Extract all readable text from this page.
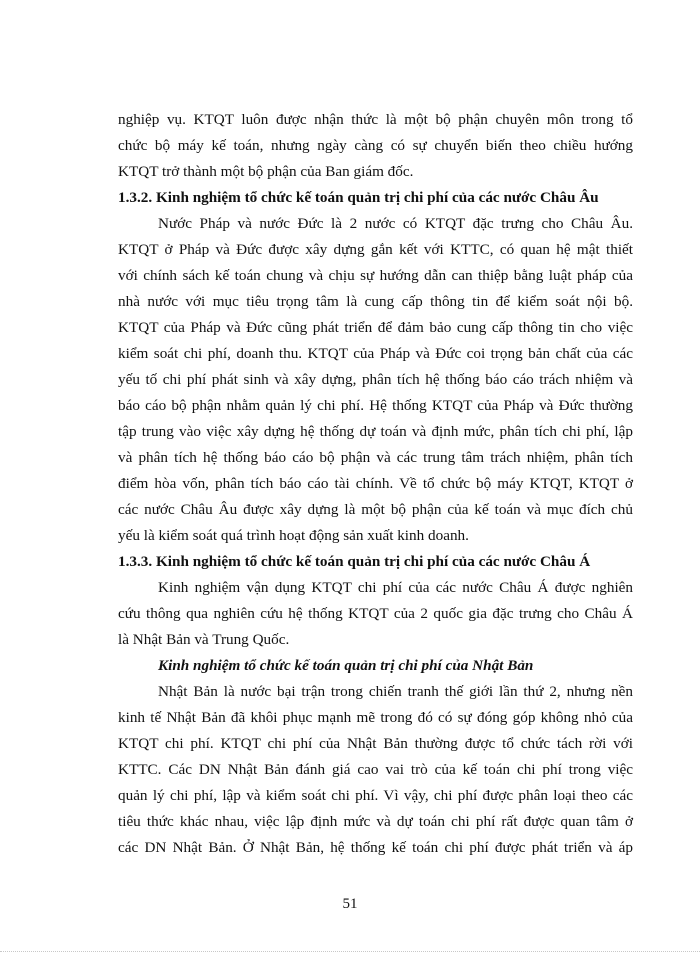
nghiệp vụ. KTQT luôn được nhận thức là một bộ phận chuyên môn trong tổ
chức bộ máy kế toán, nhưng ngày càng có sự chuyển biến theo chiều hướng
KTQT trở thành một bộ phận của Ban giám đốc.
1.3.2. Kinh nghiệm tổ chức kế toán quản trị chi phí của các nước Châu Âu
Nước Pháp và nước Đức là 2 nước có KTQT đặc trưng cho Châu Âu.
KTQT ở Pháp và Đức được xây dựng gắn kết với KTTC, có quan hệ mật thiết
với chính sách kế toán chung và chịu sự hướng dẫn can thiệp bằng luật pháp của
nhà nước với mục tiêu trọng tâm là cung cấp thông tin để kiểm soát nội bộ.
KTQT của Pháp và Đức cũng phát triển để đảm bảo cung cấp thông tin cho việc
kiểm soát chi phí, doanh thu. KTQT của Pháp và Đức coi trọng bản chất của các
yếu tố chi phí phát sinh và xây dựng, phân tích hệ thống báo cáo trách nhiệm và
báo cáo bộ phận nhằm quản lý chi phí. Hệ thống KTQT của Pháp và Đức thường
tập trung vào việc xây dựng hệ thống dự toán và định mức, phân tích chi phí, lập
và phân tích hệ thống báo cáo bộ phận và các trung tâm trách nhiệm, phân tích
điểm hòa vốn, phân tích báo cáo tài chính. Về tổ chức bộ máy KTQT, KTQT ở
các nước Châu Âu được xây dựng là một bộ phận của kế toán và mục đích chủ
yếu là kiểm soát quá trình hoạt động sản xuất kinh doanh.
1.3.3. Kinh nghiệm tổ chức kế toán quản trị chi phí của các nước Châu Á
Kinh nghiệm vận dụng KTQT chi phí của các nước Châu Á được nghiên
cứu thông qua nghiên cứu hệ thống KTQT của 2 quốc gia đặc trưng cho Châu Á
là Nhật Bản và Trung Quốc.
Kinh nghiệm tổ chức kế toán quản trị chi phí của Nhật Bản
Nhật Bản là nước bại trận trong chiến tranh thế giới lần thứ 2, nhưng nền
kinh tế Nhật Bản đã khôi phục mạnh mẽ trong đó có sự đóng góp không nhỏ của
KTQT chi phí. KTQT chi phí của Nhật Bản thường được tổ chức tách rời với
KTTC. Các DN Nhật Bản đánh giá cao vai trò của kế toán chi phí trong việc
quản lý chi phí, lập và kiểm soát chi phí. Vì vậy, chi phí được phân loại theo các
tiêu thức khác nhau, việc lập định mức và dự toán chi phí rất được quan tâm ở
các DN Nhật Bản. Ở Nhật Bản, hệ thống kế toán chi phí được phát triển và áp
51
